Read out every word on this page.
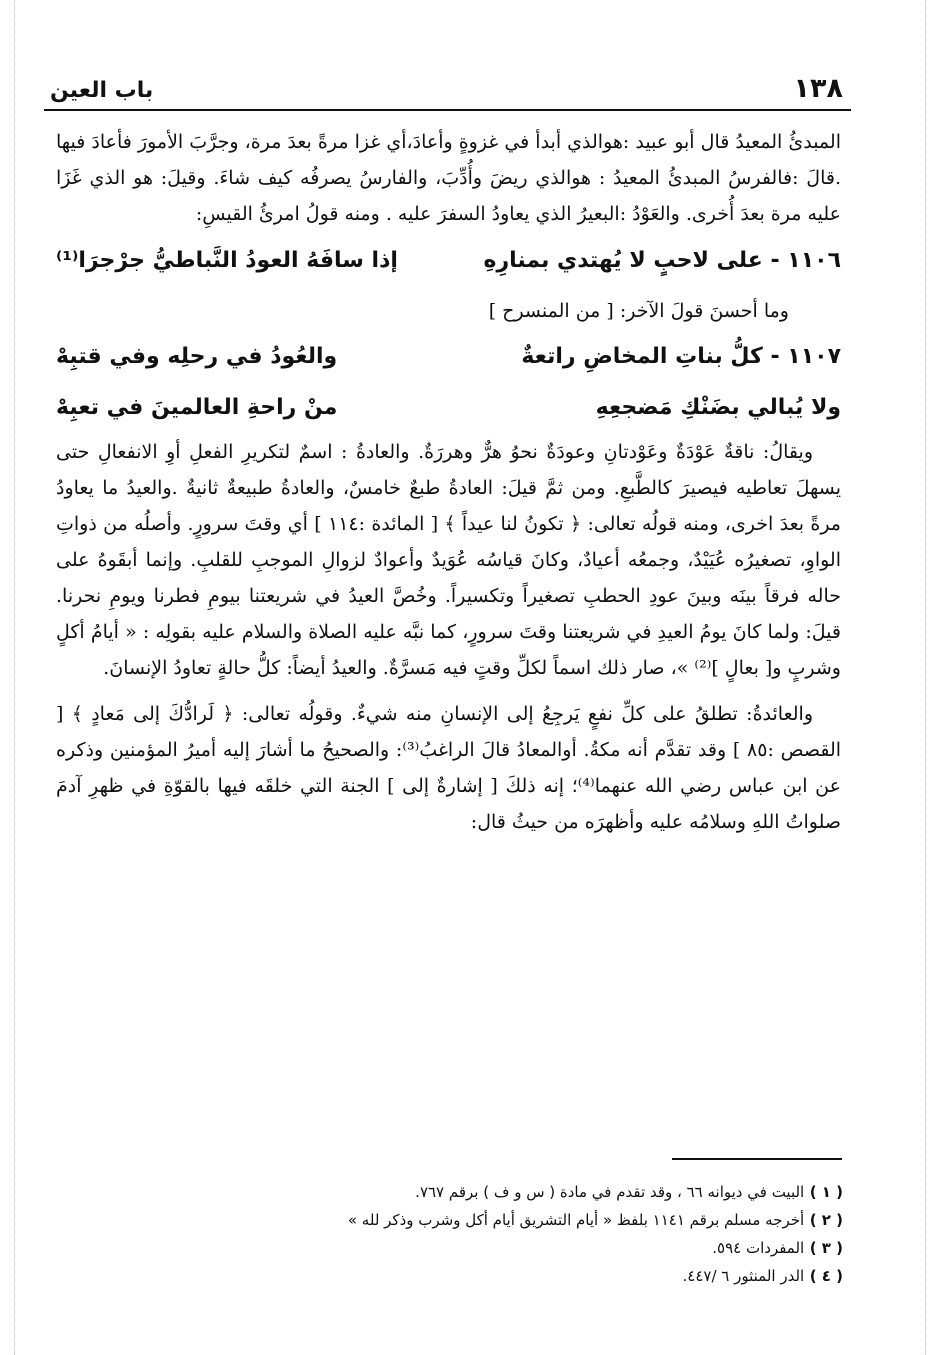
١٣٨
باب العين

المبدئُ المعيدُ قال أبو عبيد :هوالذي أبدأ في غزوةٍ وأعادَ،أي غزا مرةً بعدَ مرة، وجرَّبَ الأمورَ فأعادَ فيها .قالَ :فالفرسُ المبدئُ المعيدُ : هوالذي ريضَ وأُدِّبَ، والفارسُ يصرفُه كيف شاءَ. وقيلَ: هو الذي غَزَا عليه مرة بعدَ أُخرى. والعَوْدُ :البعيرُ الذي يعاودُ السفرَ عليه . ومنه قولُ امرئُ القيسِ:

١١٠٦ - على لاحبٍ لا يُهتدي بمنارِهِ
إذا سافَهُ العودُ النَّباطيُّ جرْجرَا⁽¹⁾

وما أحسنَ قولَ الآخر: [ من المنسرح ]

١١٠٧ - كلُّ بناتِ المخاضِ راتعةٌ
والعُودُ في رحلِه وفي قتبِهْ
ولا يُبالي بضَنْكِ مَضجعِهِ
منْ راحةِ العالمينَ في تعبِهْ

ويقالُ: ناقةٌ عَوْدَةٌ وعَوْدتانِ وعودَةٌ نحوُ هرٌّ وهررَةٌ. والعادةُ : اسمٌ لتكريرِ الفعلِ أوِ الانفعالِ حتى يسهلَ تعاطيه فيصيرَ كالطَّبعِ. ومن ثمَّ قيلَ: العادةُ طبعٌ خامسٌ، والعادةُ طبيعةٌ ثانيةٌ .والعيدُ ما يعاودُ مرةً بعدَ اخرى، ومنه قولُه تعالى: ﴿ تكونُ لنا عيداً ﴾ [ المائدة :١١٤ ] أي وقتَ سرورٍ. وأصلُه من ذواتِ الواوِ، تصغيرُه عُيَيْدٌ، وجمعُه أعيادٌ، وكانَ قياسُه عُوَيدٌ وأعوادٌ لزوالِ الموجبِ للقلبِ. وإنما أبقَوهُ على حاله فرقاً بينَه وبينَ عودِ الحطبِ تصغيراً وتكسيراً. وخُصَّ العيدُ في شريعتنا بيومِ فطرنا ويومِ نحرنا. قيلَ: ولما كانَ يومُ العيدِ في شريعتنا وقتَ سرورٍ، كما نبَّه عليه الصلاة والسلام عليه بقولِه : « أيامُ أكلٍ وشربٍ و[ بعالٍ ]⁽²⁾ »، صار ذلك اسماً لكلِّ وقتٍ فيه مَسرَّةٌ. والعيدُ أيضاً: كلُّ حالةٍ تعاودُ الإنسانَ.

والعائدةُ: تطلقُ على كلِّ نفعٍ يَرجِعُ إلى الإنسانِ منه شيءٌ. وقولُه تعالى: ﴿ لَرادُّكَ إلى مَعادٍ ﴾ [ القصص :٨٥ ] وقد تقدَّم أنه مكةُ. أوالمعادُ قالَ الراغبُ⁽³⁾: والصحيحُ ما أشارَ إليه أميرُ المؤمنين وذكره عن ابن عباس رضي الله عنهما⁽⁴⁾؛ إنه ذلكَ [ إشارةٌ إلى ] الجنة التي خلقَه فيها بالقوّةِ في ظهرِ آدمَ صلواتُ اللهِ وسلامُه عليه وأظهرَه من حيثُ قال:

( ١ ) البيت في ديوانه ٦٦ ، وقد تقدم في مادة ( س و ف ) برقم ٧٦٧.

( ٢ ) أخرجه مسلم برقم ١١٤١ بلفظ « أيام التشريق أيام أكل وشرب وذكر لله »

( ٣ ) المفردات ٥٩٤.

( ٤ ) الدر المنثور ٦ /٤٤٧.
